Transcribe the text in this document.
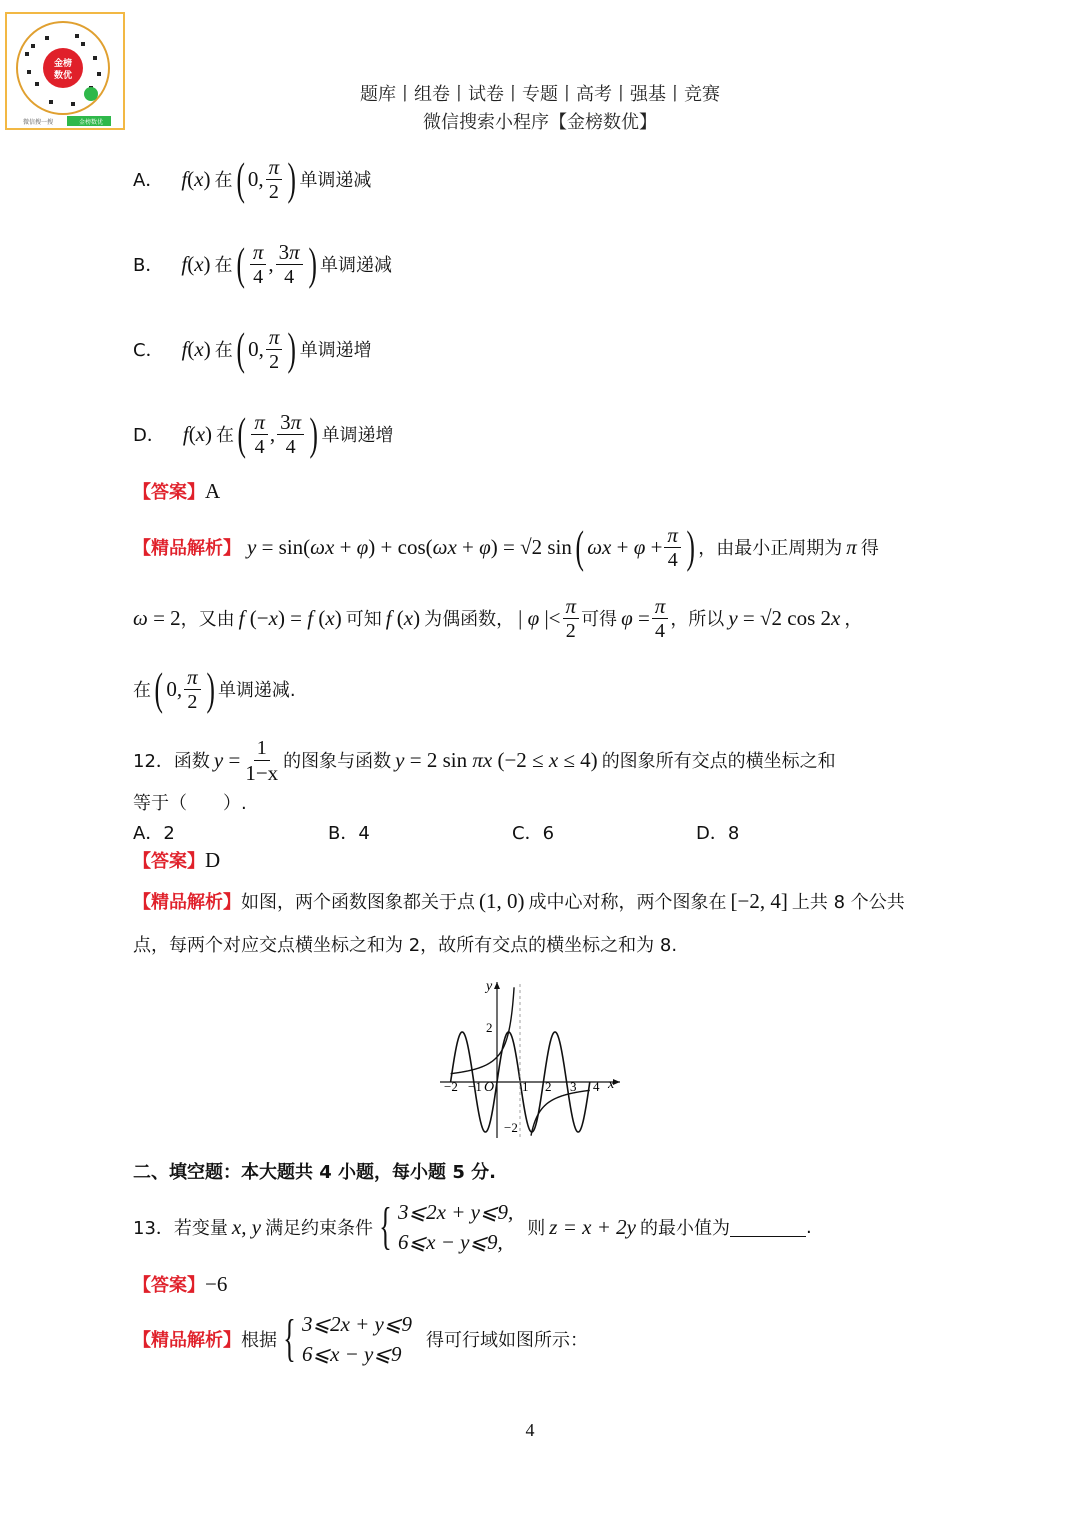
金榜
数优
微信搜一搜	金榜数优
题库丨组卷丨试卷丨专题丨高考丨强基丨竞赛
微信搜索小程序【金榜数优】
A． f ( x ) 在 ( 0, $\frac{\pi}{2}$ ) 单调递减
B． f ( x ) 在 ( $\frac{\pi}{4}$ , $\frac{3\pi}{4}$ ) 单调递减
C． f ( x ) 在 ( 0, $\frac{\pi}{2}$ ) 单调递增
D． f ( x ) 在 ( $\frac{\pi}{4}$ , $\frac{3\pi}{4}$ ) 单调递增
【答案】 A
【精品解析】 y = sin(ωx + φ) + cos(ωx + φ) = √2 sin ( $\omega x + \varphi + \frac{\pi}{4}$ ) ，由最小正周期为 π 得
ω = 2 ，又由 f (−x) = f (x) 可知 f (x) 为偶函数， | φ |< $\frac{\pi}{2}$ 可得 $\varphi = \frac{\pi}{4}$ ，所以 y = √2 cos 2x ，
在 ( 0, $\frac{\pi}{2}$ ) 单调递减.
12．函数 $y = \frac{1}{1-x}$ 的图象与函数 y = 2 sin πx (−2 ≤ x ≤ 4) 的图象所有交点的横坐标之和
等于（　　）.
A．2	B．4	C．6	D．8
【答案】 D
【精品解析】 如图，两个函数图象都关于点 (1, 0) 成中心对称，两个图象在 [−2, 4] 上共 8 个公共
点，每两个对应交点横坐标之和为 2，故所有交点的横坐标之和为 8.
y
x
O
−2 −1	1 2 3 4
2
−2
二、填空题：本大题共 4 小题，每小题 5 分.
13．若变量 x, y 满足约束条件 { 3⩽2x + y⩽9,
6⩽x − y⩽9,
则 z = x + 2y 的最小值为	.
【答案】 −6
【精品解析】 根据 { 3⩽2x + y⩽9
6⩽x − y⩽9
得可行域如图所示：
4
